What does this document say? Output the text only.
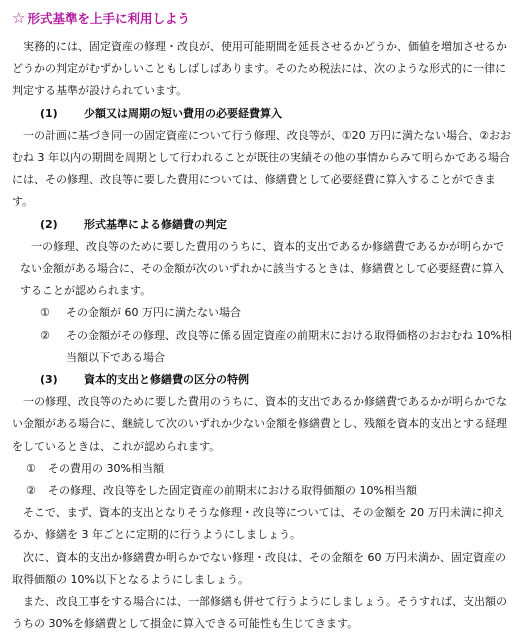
☆ 形式基準を上手に利用しよう

実務的には、固定資産の修理・改良が、使用可能期間を延長させるかどうか、価値を増加させるかどうかの判定がむずかしいこともしばしばあります。そのため税法には、次のような形式的に一律に判定する基準が設けられています。

(1) 少額又は周期の短い費用の必要経費算入

一の計画に基づき同一の固定資産について行う修理、改良等が、①20 万円に満たない場合、②おおむね 3 年以内の期間を周期として行われることが既往の実績その他の事情からみて明らかである場合には、その修理、改良等に要した費用については、修繕費として必要経費に算入することができます。

(2) 形式基準による修繕費の判定

一の修理、改良等のために要した費用のうちに、資本的支出であるか修繕費であるかが明らかでない金額がある場合に、その金額が次のいずれかに該当するときは、修繕費として必要経費に算入することが認められます。

①	その金額が 60 万円に満たない場合
②	その金額がその修理、改良等に係る固定資産の前期末における取得価格のおおむね 10%相当額以下である場合

(3) 資本的支出と修繕費の区分の特例

一の修理、改良等のために要した費用のうちに、資本的支出であるか修繕費であるかが明らかでない金額がある場合に、継続して次のいずれか少ない金額を修繕費とし、残額を資本的支出とする経理をしているときは、これが認められます。

①	その費用の 30%相当額
②	その修理、改良等をした固定資産の前期末における取得価額の 10%相当額

そこで、まず、資本的支出となりそうな修理・改良等については、その金額を 20 万円未満に抑えるか、修繕を 3 年ごとに定期的に行うようにしましょう。

次に、資本的支出か修繕費か明らかでない修理・改良は、その金額を 60 万円未満か、固定資産の取得価額の 10%以下となるようにしましょう。

また、改良工事をする場合には、一部修繕も併せて行うようにしましょう。そうすれば、支出額のうちの 30%を修繕費として損金に算入できる可能性も生じてきます。
